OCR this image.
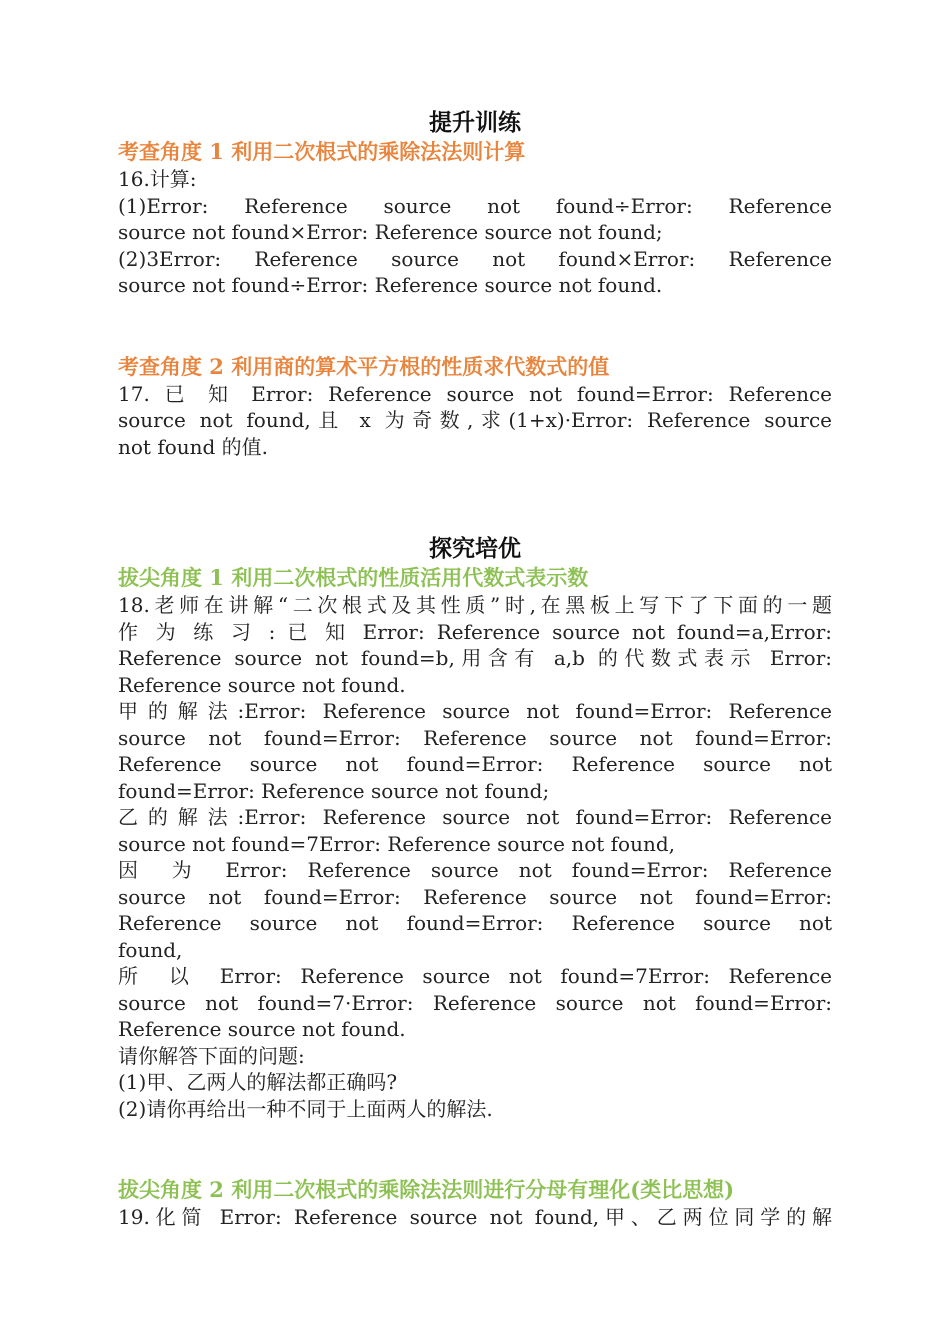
提升训练
考查角度 1 利用二次根式的乘除法法则计算
16.计算:
(1)Error: Reference source not found÷Error: Reference
source not found×Error: Reference source not found;
(2)3Error: Reference source not found×Error: Reference
source not found÷Error: Reference source not found.
考查角度 2 利用商的算术平方根的性质求代数式的值
17. 已 知 Error: Reference source not found=Error: Reference
source not found,且 x 为奇数,求(1+x)·Error: Reference source
not found 的值.
探究培优
拔尖角度 1 利用二次根式的性质活用代数式表示数
18.老师在讲解“二次根式及其性质”时,在黑板上写下了下面的一题
作 为 练 习 : 已 知 Error: Reference source not found=a,Error:
Reference source not found=b,用含有 a,b 的代数式表示 Error:
Reference source not found.
甲的解法:Error: Reference source not found=Error: Reference
source not found=Error: Reference source not found=Error:
Reference source not found=Error: Reference source not
found=Error: Reference source not found;
乙的解法:Error: Reference source not found=Error: Reference
source not found=7Error: Reference source not found,
因 为 Error: Reference source not found=Error: Reference
source not found=Error: Reference source not found=Error:
Reference source not found=Error: Reference source not
found,
所 以 Error: Reference source not found=7Error: Reference
source not found=7·Error: Reference source not found=Error:
Reference source not found.
请你解答下面的问题:
(1)甲、乙两人的解法都正确吗?
(2)请你再给出一种不同于上面两人的解法.
拔尖角度 2 利用二次根式的乘除法法则进行分母有理化(类比思想)
19.化简 Error: Reference source not found,甲、乙两位同学的解
